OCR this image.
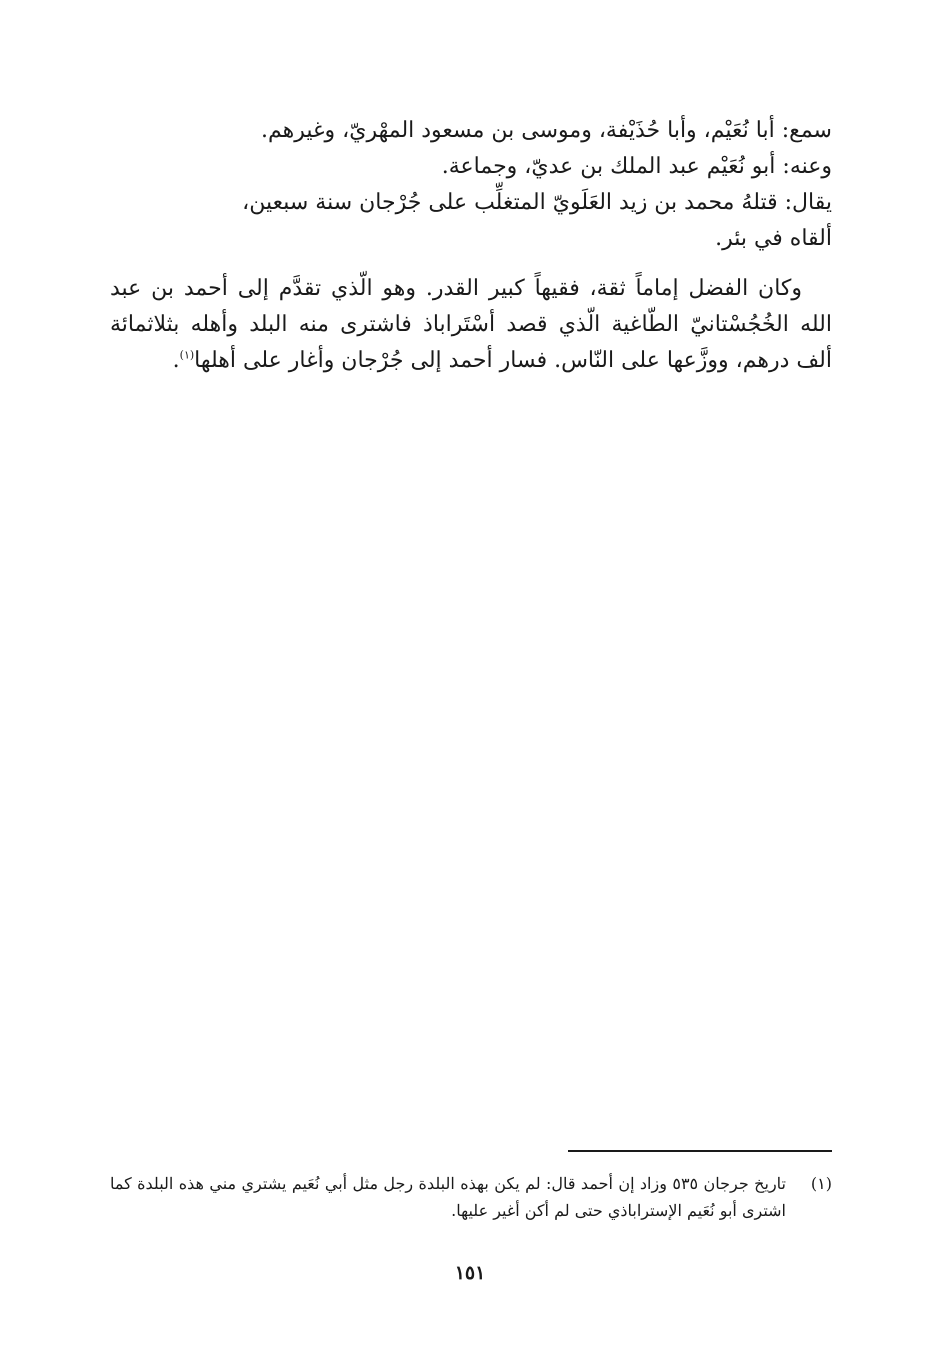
سمع: أبا نُعَيْم، وأبا حُذَيْفة، وموسى بن مسعود المهْريّ، وغيرهم.

وعنه: أبو نُعَيْم عبد الملك بن عديّ، وجماعة.

يقال: قتلهُ محمد بن زيد العَلَويّ المتغلِّب على جُرْجان سنة سبعين،

ألقاه في بئر.

وكان الفضل إماماً ثقة، فقيهاً كبير القدر. وهو الّذي تقدَّم إلى أحمد بن عبد الله الخُجُسْتانيّ الطّاغية الّذي قصد أسْتَراباذ فاشترى منه البلد وأهله بثلاثمائة ألف درهم، ووزَّعها على النّاس. فسار أحمد إلى جُرْجان وأغار على أهلها$^{(١)}$.

(١)
تاريخ جرجان ٥٣٥ وزاد إن أحمد قال: لم يكن بهذه البلدة رجل مثل أبي نُعَيم يشتري مني هذه البلدة كما اشترى أبو نُعَيم الإستراباذي حتى لم أكن أغير عليها.
١٥١
